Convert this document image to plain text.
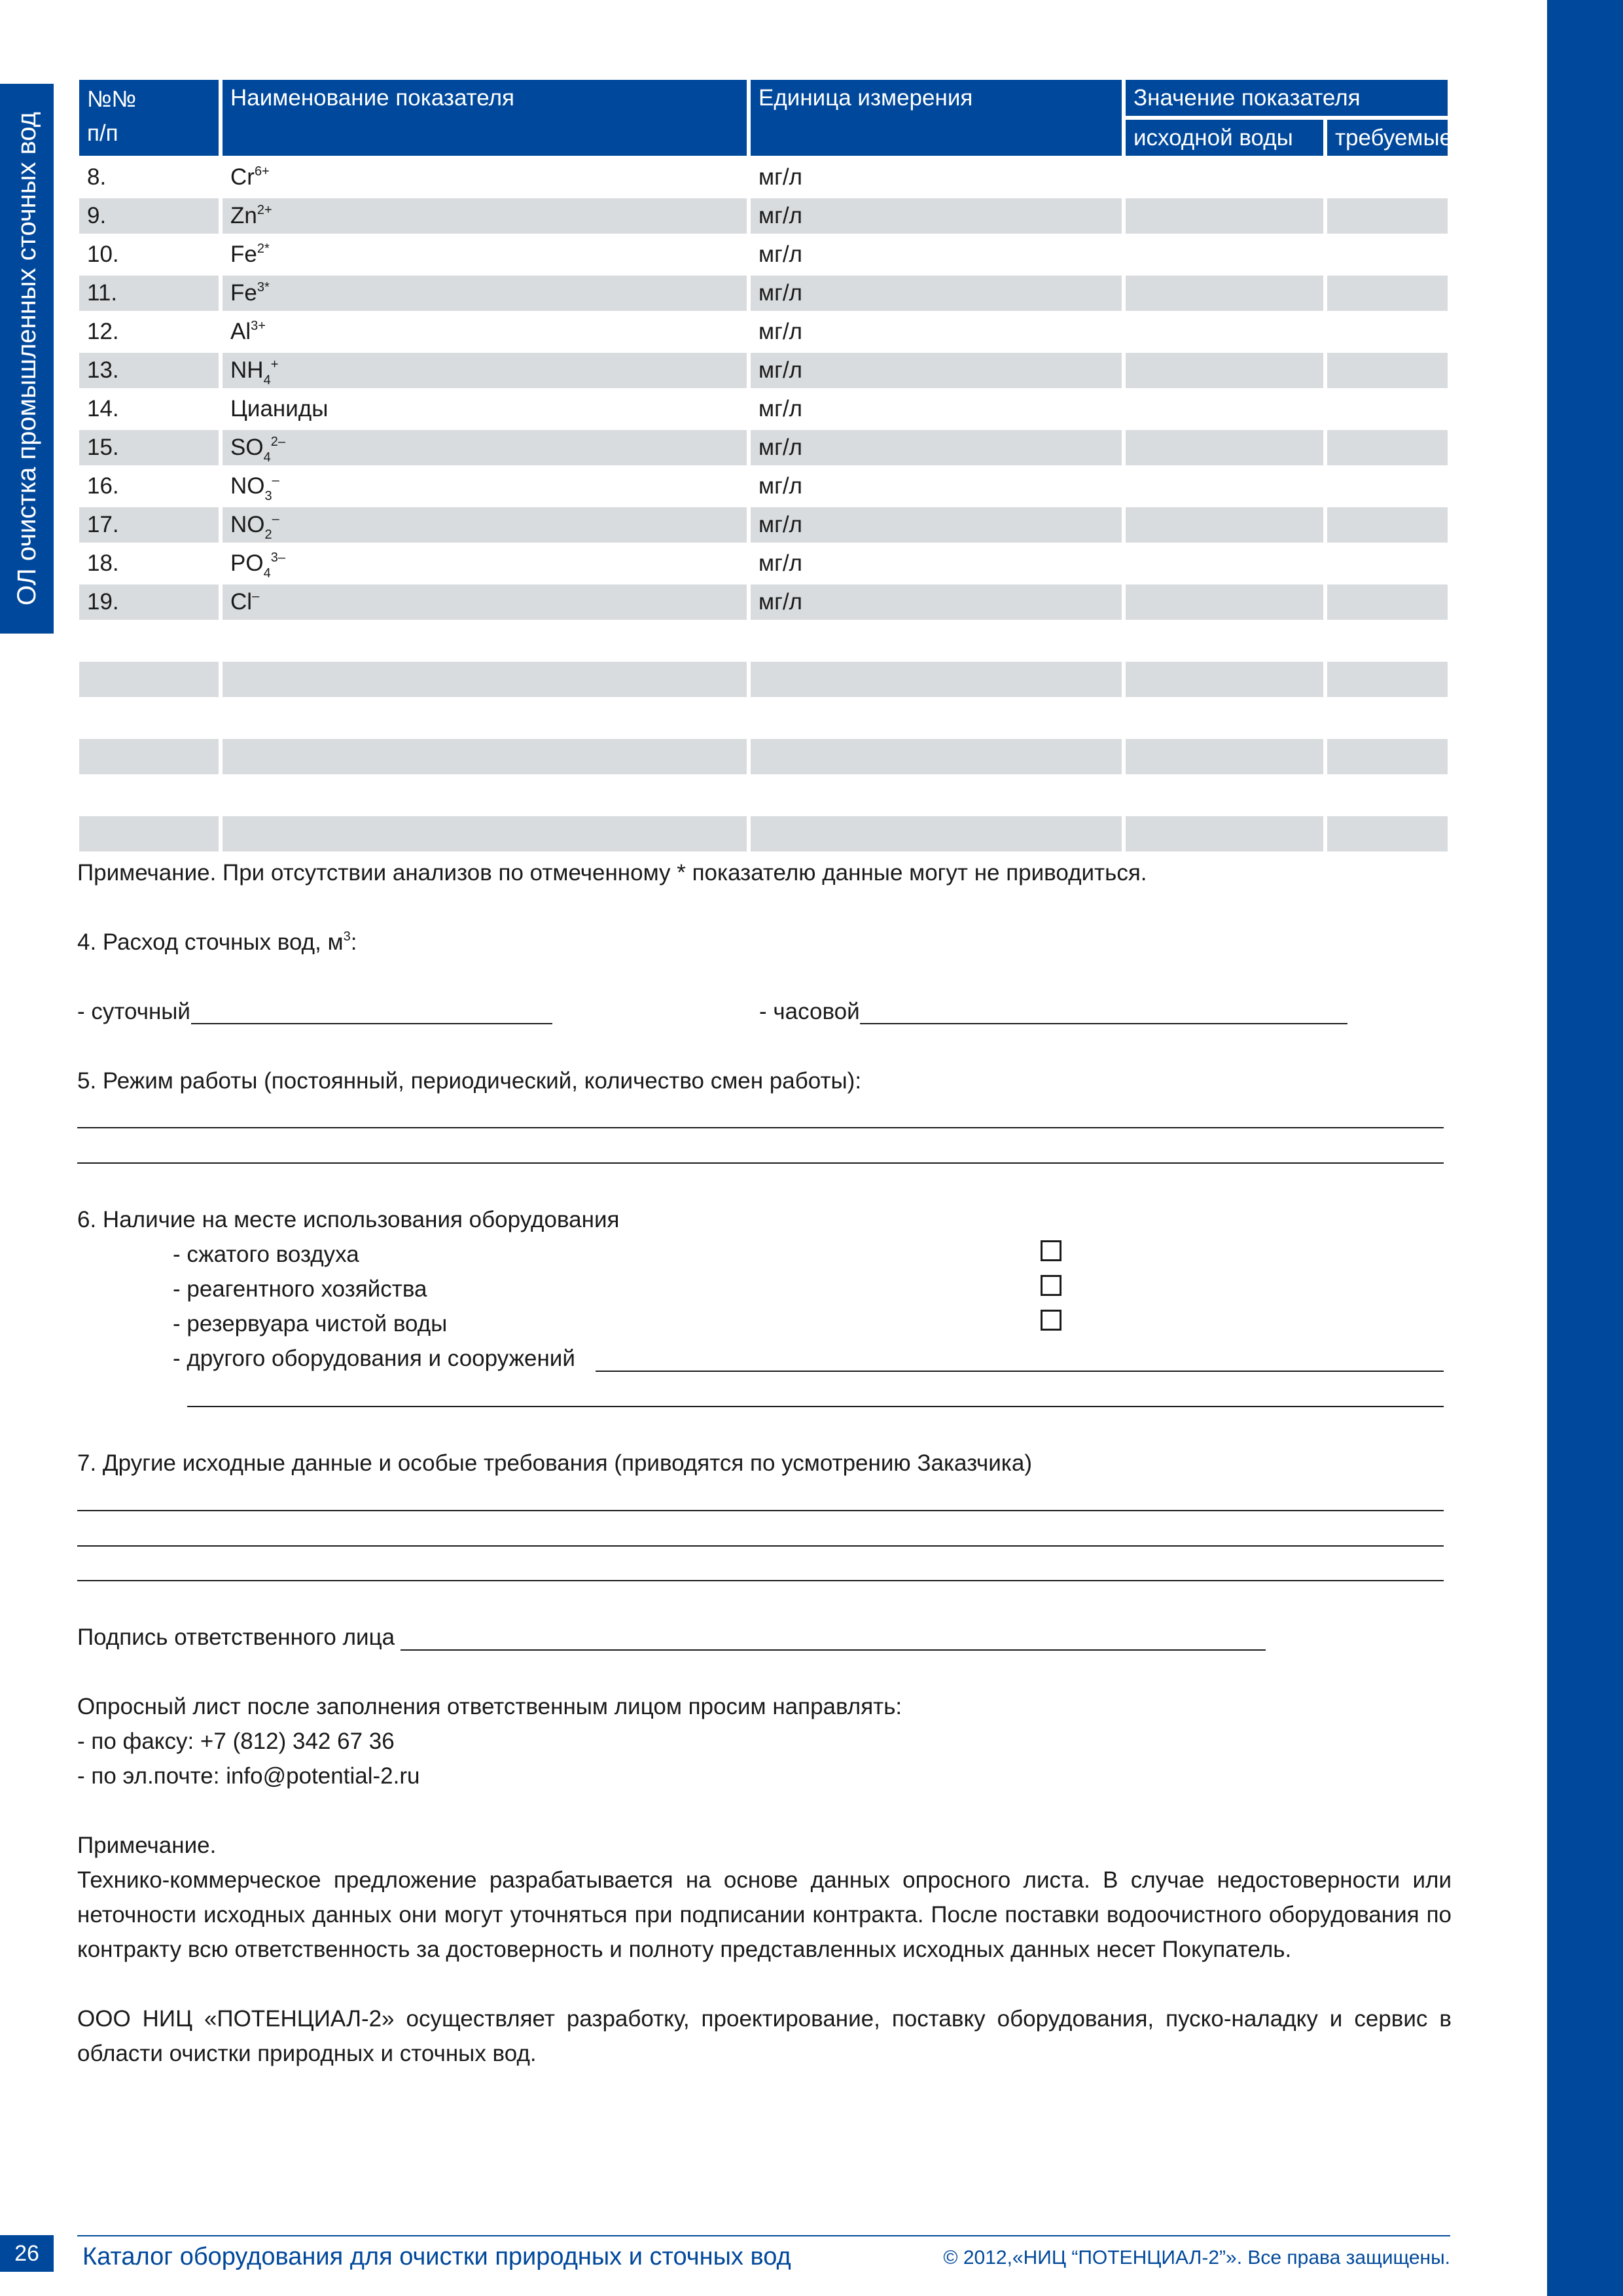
ОЛ очистка промышленных сточных вод
№№
п/п
Наименование показателя	Единица измерения	Значение показателя
исходной воды	требуемые
8.	$Cr^{6+}$	мг/л
9.	$Zn^{2+}$	мг/л
10.	$Fe^{2*}$	мг/л
11.	$Fe^{3*}$	мг/л
12.	$Al^{3+}$	мг/л
13.	$NH_4^+$	мг/л
14.	Цианиды	мг/л
15.	$SO_4^{2-}$	мг/л
16.	$NO_3^-$	мг/л
17.	$NO_2^-$	мг/л
18.	$PO_4^{3-}$	мг/л
19.	Cl–	мг/л
Примечание. При отсутствии анализов по отмеченному * показателю данные могут не приводиться.
4. Расход сточных вод, $м^3$:
- суточный	- часовой
5. Режим работы (постоянный, периодический, количество смен работы):
6. Наличие на месте использования оборудования
- сжатого воздуха
- реагентного хозяйства
- резервуара чистой воды
- другого оборудования и сооружений
7. Другие исходные данные и особые требования (приводятся по усмотрению Заказчика)
Подпись ответственного лица
Опросный лист после заполнения ответственным лицом просим направлять:
- по факсу: +7 (812) 342 67 36
- по эл.почте: info@potential-2.ru
Примечание.
Технико-коммерческое предложение разрабатывается на основе данных опросного листа. В случае недостоверности или неточности исходных данных они могут уточняться при подписании контракта. После поставки водоочистного оборудования по контракту всю ответственность за достоверность и полноту представленных исходных данных несет Покупатель.
ООО НИЦ «ПОТЕНЦИАЛ-2» осуществляет разработку, проектирование, поставку оборудования, пуско-наладку и сервис в области очистки природных и сточных вод.
26	Каталог оборудования для очистки природных и сточных вод	© 2012,«НИЦ “ПОТЕНЦИАЛ-2”». Все права защищены.
